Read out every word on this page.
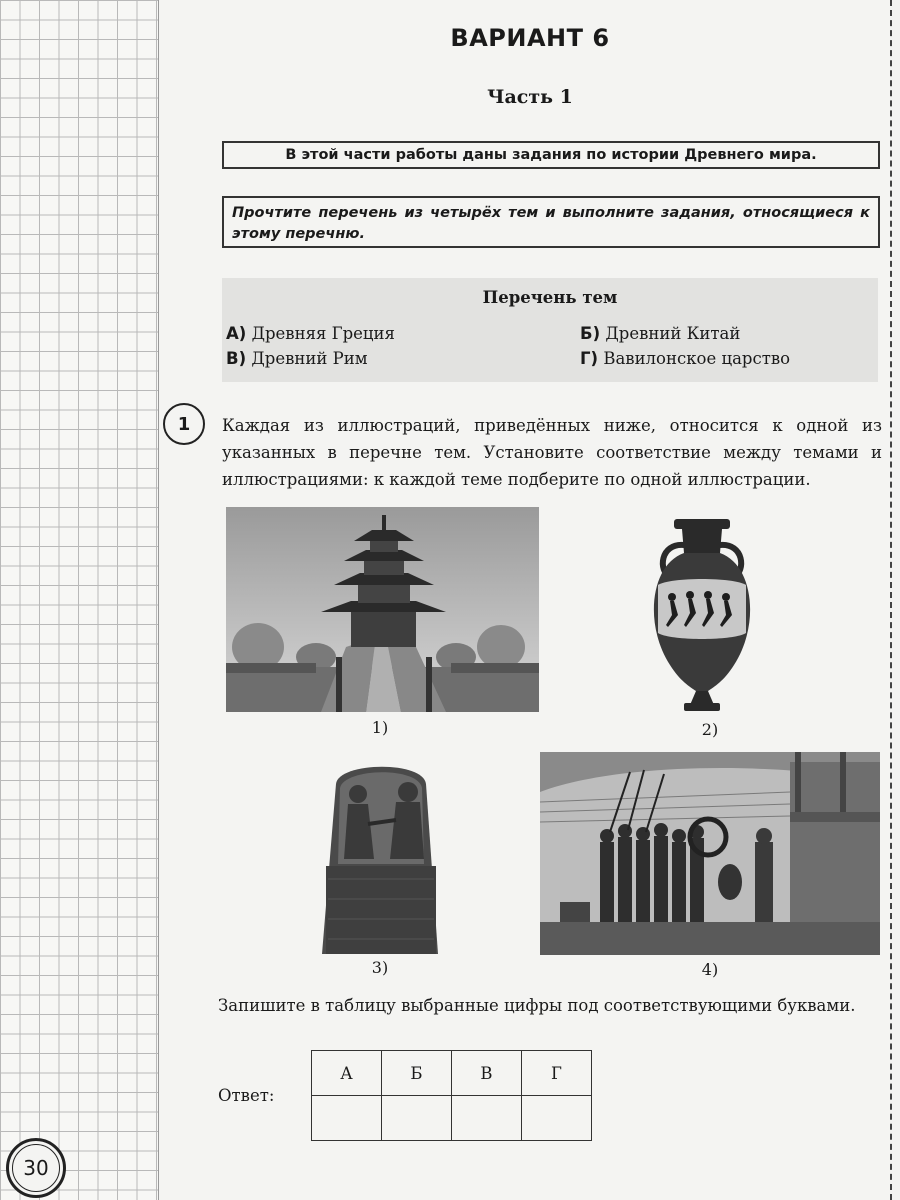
30
ВАРИАНТ 6
Часть 1
В этой части работы даны задания по истории Древнего мира.
Прочтите перечень из четырёх тем и выполните задания, относящиеся к этому перечню.
Перечень тем
А) Древняя Греция	Б) Древний Китай
В) Древний Рим	Г) Вавилонское царство
1	Каждая из иллюстраций, приведённых ниже, относится к одной из указанных в перечне тем. Установите соответствие между темами и иллюстрациями: к каждой теме подберите по одной иллюстрации.
1)	2)
3)	4)
Запишите в таблицу выбранные цифры под соответствующими буквами.
Ответ:
А	Б	В	Г
